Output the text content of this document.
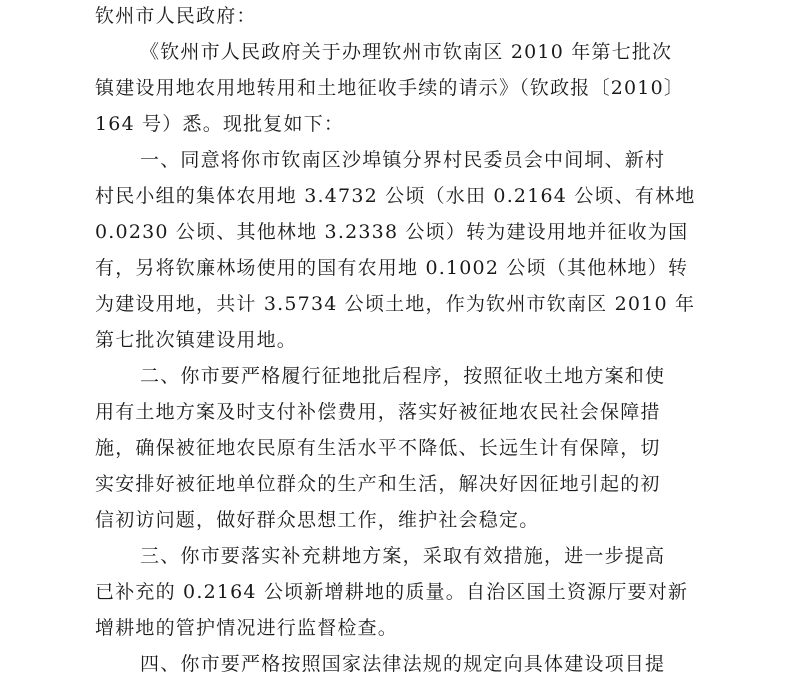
钦州市人民政府：
《钦州市人民政府关于办理钦州市钦南区 2010 年第七批次
镇建设用地农用地转用和土地征收手续的请示》（钦政报〔2010〕
164 号）悉。现批复如下：
一、同意将你市钦南区沙埠镇分界村民委员会中间垌、新村
村民小组的集体农用地 3.4732 公顷（水田 0.2164 公顷、有林地
0.0230 公顷、其他林地 3.2338 公顷）转为建设用地并征收为国
有，另将钦廉林场使用的国有农用地 0.1002 公顷（其他林地）转
为建设用地，共计 3.5734 公顷土地，作为钦州市钦南区 2010 年
第七批次镇建设用地。
二、你市要严格履行征地批后程序，按照征收土地方案和使
用有土地方案及时支付补偿费用，落实好被征地农民社会保障措
施，确保被征地农民原有生活水平不降低、长远生计有保障，切
实安排好被征地单位群众的生产和生活，解决好因征地引起的初
信初访问题，做好群众思想工作，维护社会稳定。
三、你市要落实补充耕地方案，采取有效措施，进一步提高
已补充的 0.2164 公顷新增耕地的质量。自治区国土资源厅要对新
增耕地的管护情况进行监督检查。
四、你市要严格按照国家法律法规的规定向具体建设项目提
